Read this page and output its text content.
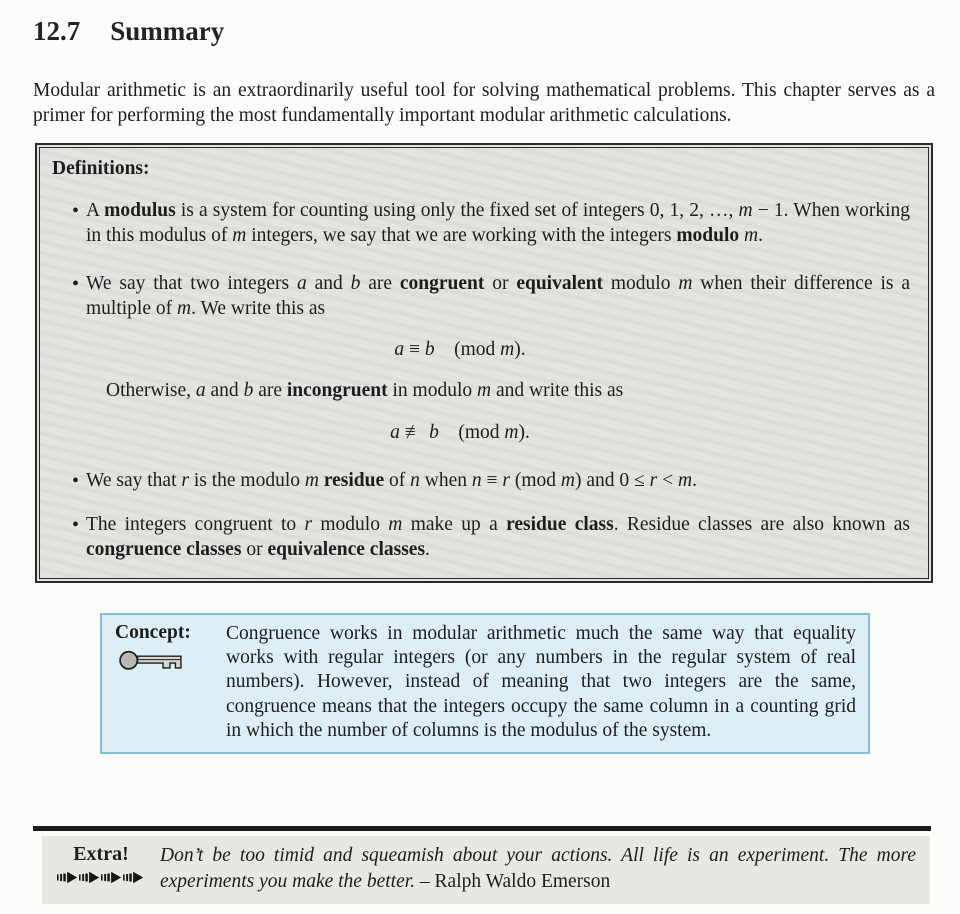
12.7 Summary

Modular arithmetic is an extraordinarily useful tool for solving mathematical problems. This chapter serves as a primer for performing the most fundamentally important modular arithmetic calculations.

Definitions:
•
A modulus is a system for counting using only the fixed set of integers 0, 1, 2, …, m − 1. When working in this modulus of m integers, we say that we are working with the integers modulo m.
•
We say that two integers a and b are congruent or equivalent modulo m when their difference is a multiple of m. We write this as
a ≡ b (mod m).
Otherwise, a and b are incongruent in modulo m and write this as
a ≢ b (mod m).
•
We say that r is the modulo m residue of n when n ≡ r (mod m) and 0 ≤ r < m.
•
The integers congruent to r modulo m make up a residue class. Residue classes are also known as congruence classes or equivalence classes.
Concept:	Congruence works in modular arithmetic much the same way that equality works with regular integers (or any numbers in the regular system of real numbers). However, instead of meaning that two integers are the same, congruence means that the integers occupy the same column in a counting grid in which the number of columns is the modulus of the system.
Extra!	Don’t be too timid and squeamish about your actions. All life is an experiment. The more experiments you make the better. – Ralph Waldo Emerson
